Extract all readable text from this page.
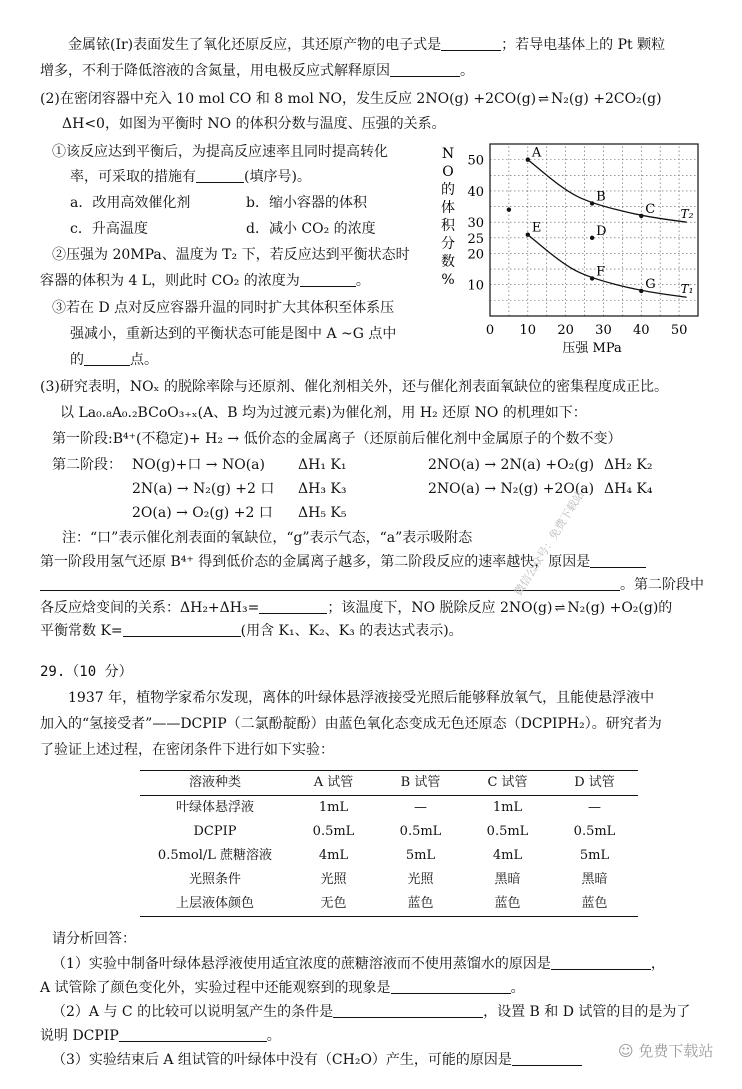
金属铱(Ir)表面发生了氧化还原反应，其还原产物的电子式是	；若导电基体上的 Pt 颗粒
增多，不利于降低溶液的含氮量，用电极反应式解释原因	。
(2)在密闭容器中充入 10 mol CO 和 8 mol NO，发生反应 2NO(g) +2CO(g) ⇌ N₂(g) +2CO₂(g)
ΔH<0，如图为平衡时 NO 的体积分数与温度、压强的关系。
①该反应达到平衡后，为提高反应速率且同时提高转化
率，可采取的措施有	(填序号)。
a．改用高效催化剂	b．缩小容器的体积
c．升高温度	d．减小 CO₂ 的浓度
②压强为 20MPa、温度为 T₂ 下，若反应达到平衡状态时
容器的体积为 4 L，则此时 CO₂ 的浓度为	。
③若在 D 点对反应容器升温的同时扩大其体积至体系压
强减小，重新达到的平衡状态可能是图中 A ~G 点中
的	点。
0 10 20 30 40 50
10
20
25
30
40
50
压强 MPa
N O 的体积分数%
T₂
T₁
A
B
C
D
E
F
G
(3)研究表明，NOₓ 的脱除率除与还原剂、催化剂相关外，还与催化剂表面氧缺位的密集程度成正比。
以 La₀.₈A₀.₂BCoO₃₊ₓ(A、B 均为过渡元素)为催化剂，用 H₂ 还原 NO 的机理如下：
第一阶段:B⁴⁺(不稳定)+ H₂ → 低价态的金属离子（还原前后催化剂中金属原子的个数不变）
第二阶段： NO(g)+口 → NO(a) ΔH₁ K₁	2NO(a) → 2N(a) +O₂(g) ΔH₂ K₂
2N(a) → N₂(g) +2 口 ΔH₃ K₃	2NO(a) → N₂(g) +2O(a) ΔH₄ K₄
2O(a) → O₂(g) +2 口 ΔH₅ K₅
注：“口”表示催化剂表面的氧缺位，“g”表示气态，“a”表示吸附态
第一阶段用氢气还原 B⁴⁺ 得到低价态的金属离子越多，第二阶段反应的速率越快，原因是
。第二阶段中
各反应焓变间的关系：ΔH₂+ΔH₃=	；该温度下，NO 脱除反应 2NO(g) ⇌ N₂(g) +O₂(g)的
平衡常数 K=	(用含 K₁、K₂、K₃ 的表达式表示)。
29.（10 分）
1937 年，植物学家希尔发现，离体的叶绿体悬浮液接受光照后能够释放氧气，且能使悬浮液中
加入的“氢接受者”——DCPIP（二氯酚靛酚）由蓝色氧化态变成无色还原态（DCPIPH₂）。研究者为
了验证上述过程，在密闭条件下进行如下实验：
溶液种类	A 试管	B 试管	C 试管	D 试管
叶绿体悬浮液	1mL	—	1mL	—
DCPIP	0.5mL	0.5mL	0.5mL	0.5mL
0.5mol/L 蔗糖溶液	4mL	5mL	4mL	5mL
光照条件	光照	光照	黑暗	黑暗
上层液体颜色	无色	蓝色	蓝色	蓝色
请分析回答：
（1）实验中制备叶绿体悬浮液使用适宜浓度的蔗糖溶液而不使用蒸馏水的原因是	，
A 试管除了颜色变化外，实验过程中还能观察到的现象是	。
（2）A 与 C 的比较可以说明氢产生的条件是	，设置 B 和 D 试管的目的是为了
说明 DCPIP	。
（3）实验结束后 A 组试管的叶绿体中没有（CH₂O）产生，可能的原因是
微信公众号：免费下载站
☺ 免费下载站
